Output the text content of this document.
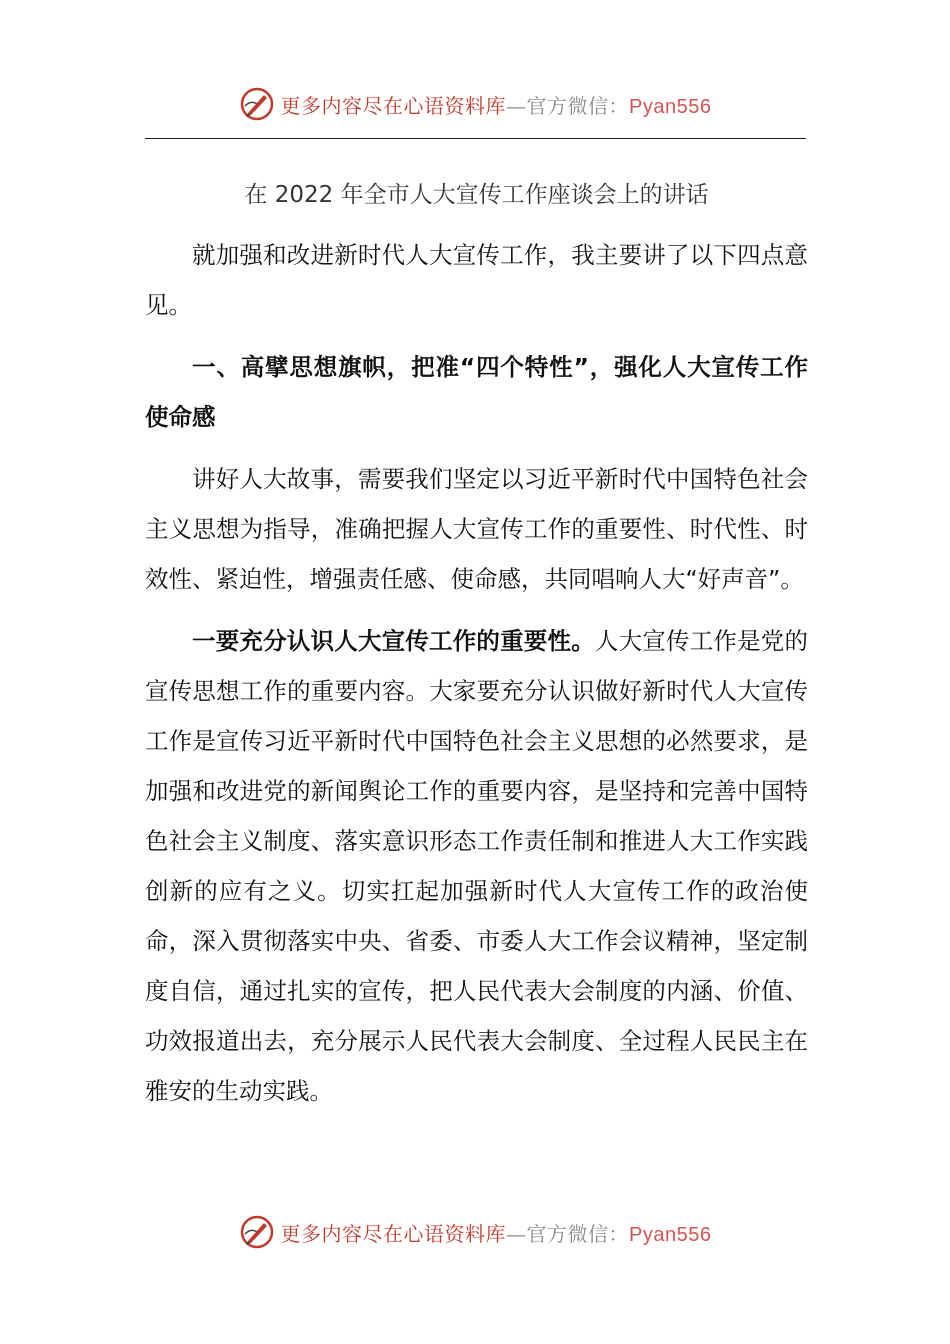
更多内容尽在心语资料库—官方微信：Pyan556
在 2022 年全市人大宣传工作座谈会上的讲话

就加强和改进新时代人大宣传工作，我主要讲了以下四点意见。

一、高擘思想旗帜，把准“四个特性”，强化人大宣传工作使命感

讲好人大故事，需要我们坚定以习近平新时代中国特色社会主义思想为指导，准确把握人大宣传工作的重要性、时代性、时效性、紧迫性，增强责任感、使命感，共同唱响人大“好声音”。

一要充分认识人大宣传工作的重要性。人大宣传工作是党的宣传思想工作的重要内容。大家要充分认识做好新时代人大宣传工作是宣传习近平新时代中国特色社会主义思想的必然要求，是加强和改进党的新闻舆论工作的重要内容，是坚持和完善中国特色社会主义制度、落实意识形态工作责任制和推进人大工作实践创新的应有之义。切实扛起加强新时代人大宣传工作的政治使命，深入贯彻落实中央、省委、市委人大工作会议精神，坚定制度自信，通过扎实的宣传，把人民代表大会制度的内涵、价值、功效报道出去，充分展示人民代表大会制度、全过程人民民主在雅安的生动实践。

更多内容尽在心语资料库—官方微信：Pyan556
